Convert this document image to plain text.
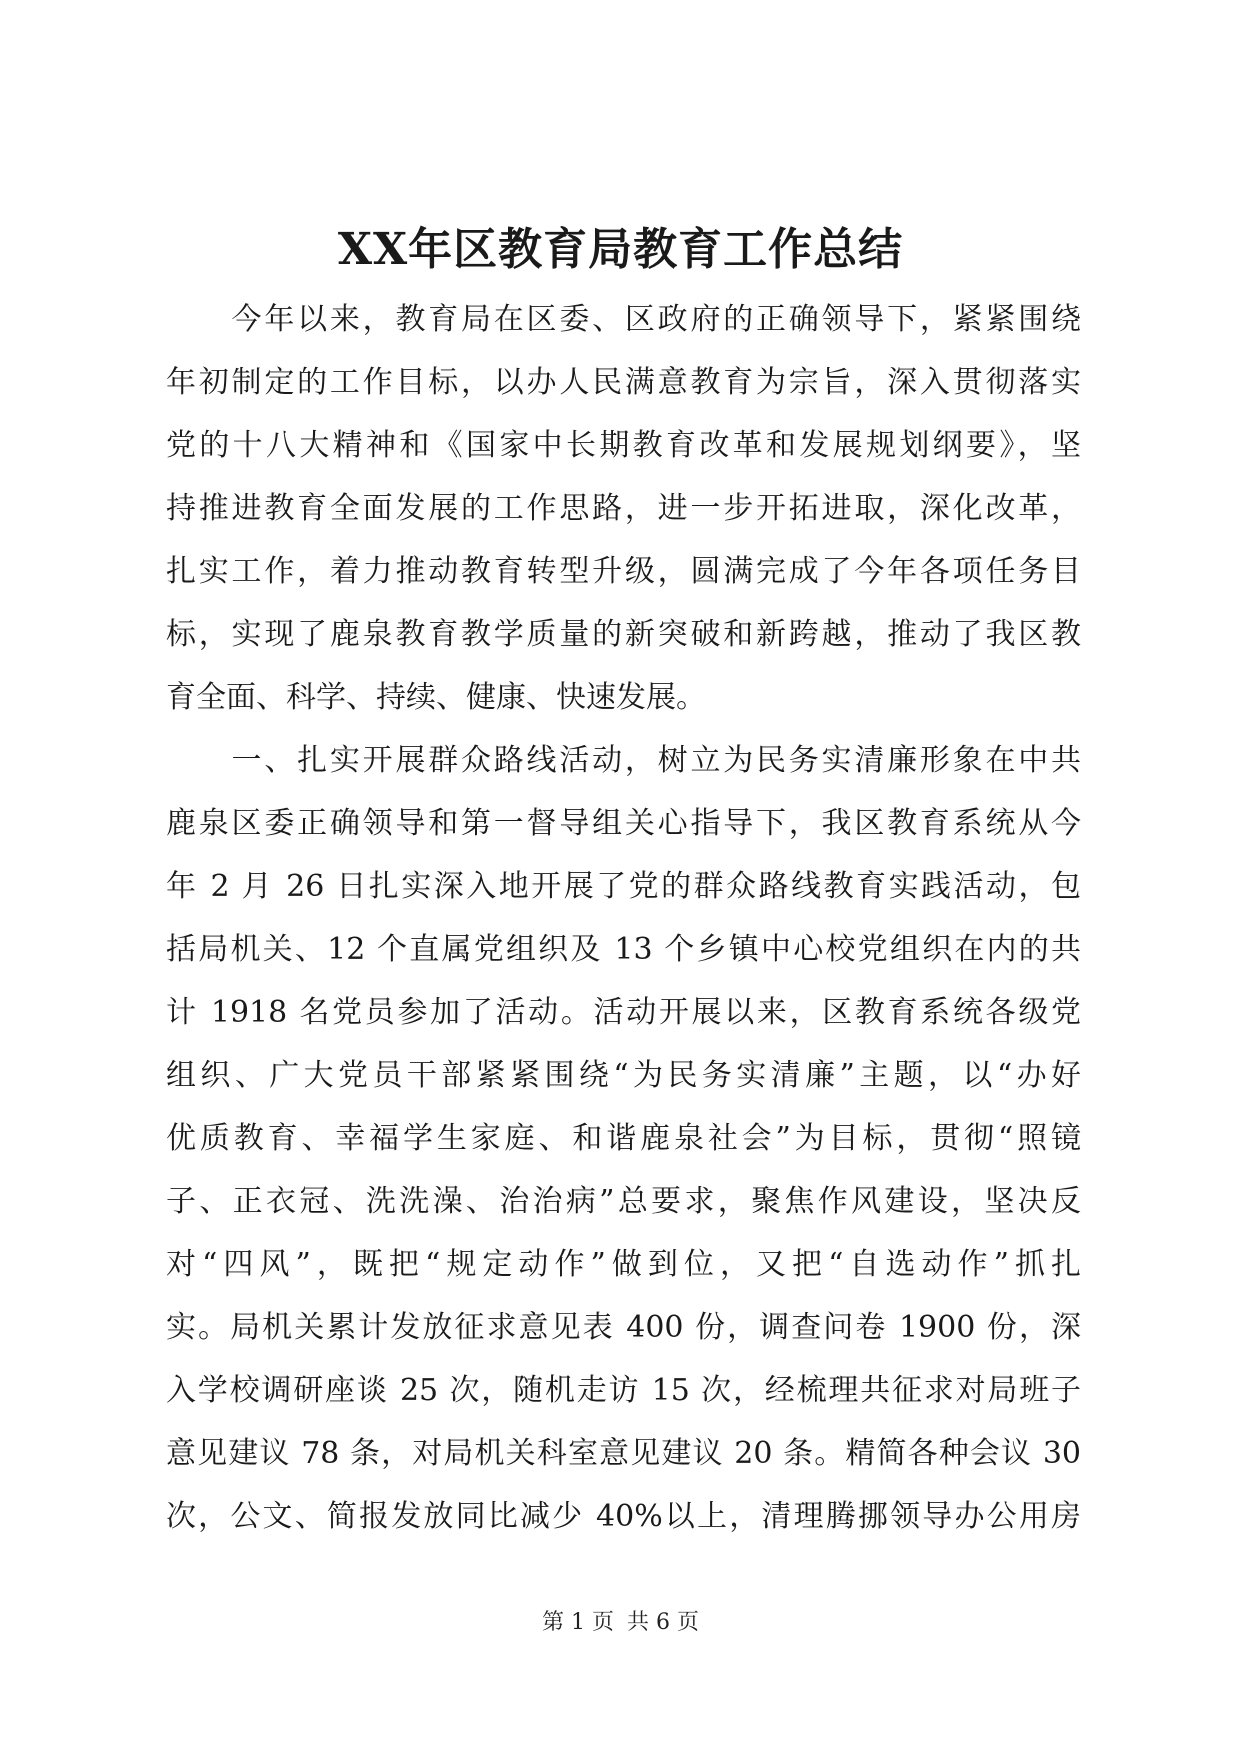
XX年区教育局教育工作总结
　　今年以来，教育局在区委、区政府的正确领导下，紧紧围绕
年初制定的工作目标，以办人民满意教育为宗旨，深入贯彻落实
党的十八大精神和《国家中长期教育改革和发展规划纲要》，坚
持推进教育全面发展的工作思路，进一步开拓进取，深化改革，
扎实工作，着力推动教育转型升级，圆满完成了今年各项任务目
标，实现了鹿泉教育教学质量的新突破和新跨越，推动了我区教
育全面、科学、持续、健康、快速发展。
　　一、扎实开展群众路线活动，树立为民务实清廉形象在中共
鹿泉区委正确领导和第一督导组关心指导下，我区教育系统从今
年 2 月 26 日扎实深入地开展了党的群众路线教育实践活动，包
括局机关、12 个直属党组织及 13 个乡镇中心校党组织在内的共
计 1918 名党员参加了活动。活动开展以来，区教育系统各级党
组织、广大党员干部紧紧围绕“为民务实清廉”主题，以“办好
优质教育、幸福学生家庭、和谐鹿泉社会”为目标，贯彻“照镜
子、正衣冠、洗洗澡、治治病”总要求，聚焦作风建设，坚决反
对“四风”，既把“规定动作”做到位，又把“自选动作”抓扎
实。局机关累计发放征求意见表 400 份，调查问卷 1900 份，深
入学校调研座谈 25 次，随机走访 15 次，经梳理共征求对局班子
意见建议 78 条，对局机关科室意见建议 20 条。精简各种会议 30
次，公文、简报发放同比减少 40%以上，清理腾挪领导办公用房
第 1 页 共 6 页
